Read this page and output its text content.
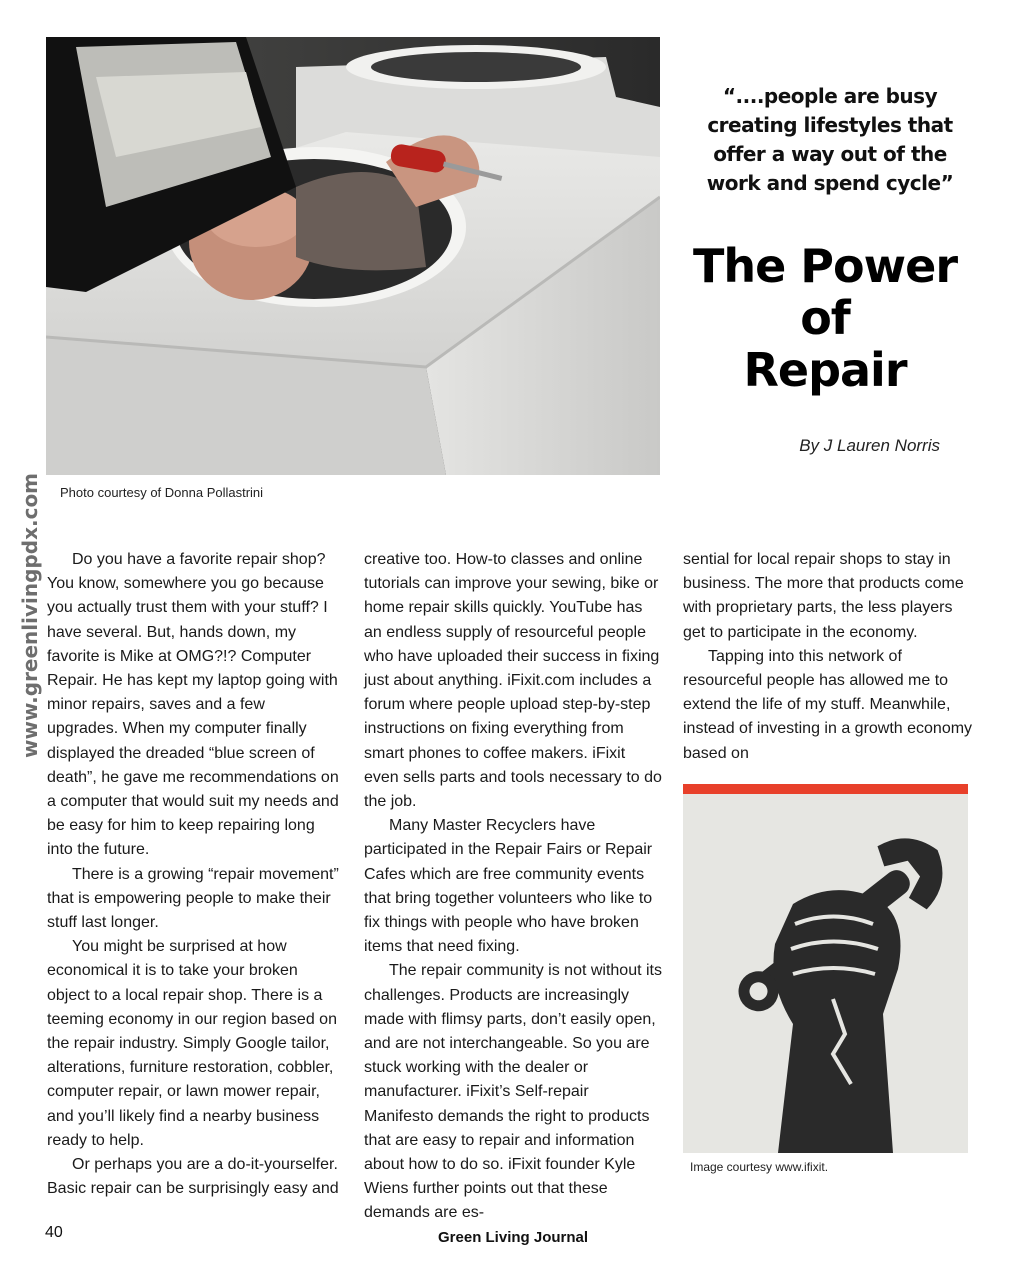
Photo courtesy of Donna Pollastrini
“....people are busy
creating lifestyles that
offer a way out of the
work and spend cycle”
The Power
of
Repair
By J Lauren Norris
www.greenlivingpdx.com	Do you have a favorite repair shop? You know, somewhere you go because you actually trust them with your stuff? I have several. But, hands down, my favorite is Mike at OMG?!? Computer Repair. He has kept my laptop going with minor repairs, saves and a few upgrades. When my computer finally displayed the dreaded “blue screen of death”, he gave me recommendations on a computer that would suit my needs and be easy for him to keep repairing long into the future.

There is a growing “repair movement” that is empowering people to make their stuff last longer.

You might be surprised at how economical it is to take your broken object to a local repair shop. There is a teeming economy in our region based on the repair industry. Simply Google tailor, alterations, furniture restoration, cobbler, computer repair, or lawn mower repair, and you’ll likely find a nearby business ready to help.

Or perhaps you are a do-it-yourselfer. Basic repair can be surprisingly easy and

creative too. How-to classes and online tutorials can improve your sewing, bike or home repair skills quickly. YouTube has an endless supply of resourceful people who have uploaded their success in fixing just about anything. iFixit.com includes a forum where people upload step-by-step instructions on fixing everything from smart phones to coffee makers. iFixit even sells parts and tools necessary to do the job.

Many Master Recyclers have participated in the Repair Fairs or Repair Cafes which are free community events that bring together volunteers who like to fix things with people who have broken items that need fixing.

The repair community is not without its challenges. Products are increasingly made with flimsy parts, don’t easily open, and are not interchangeable. So you are stuck working with the dealer or manufacturer. iFixit’s Self-repair Manifesto demands the right to products that are easy to repair and information about how to do so. iFixit founder Kyle Wiens further points out that these demands are es-

sential for local repair shops to stay in business. The more that products come with proprietary parts, the less players get to participate in the economy.

Tapping into this network of resourceful people has allowed me to extend the life of my stuff. Meanwhile, instead of investing in a growth economy based on

Image courtesy www.ifixit.
40	Green Living Journal
